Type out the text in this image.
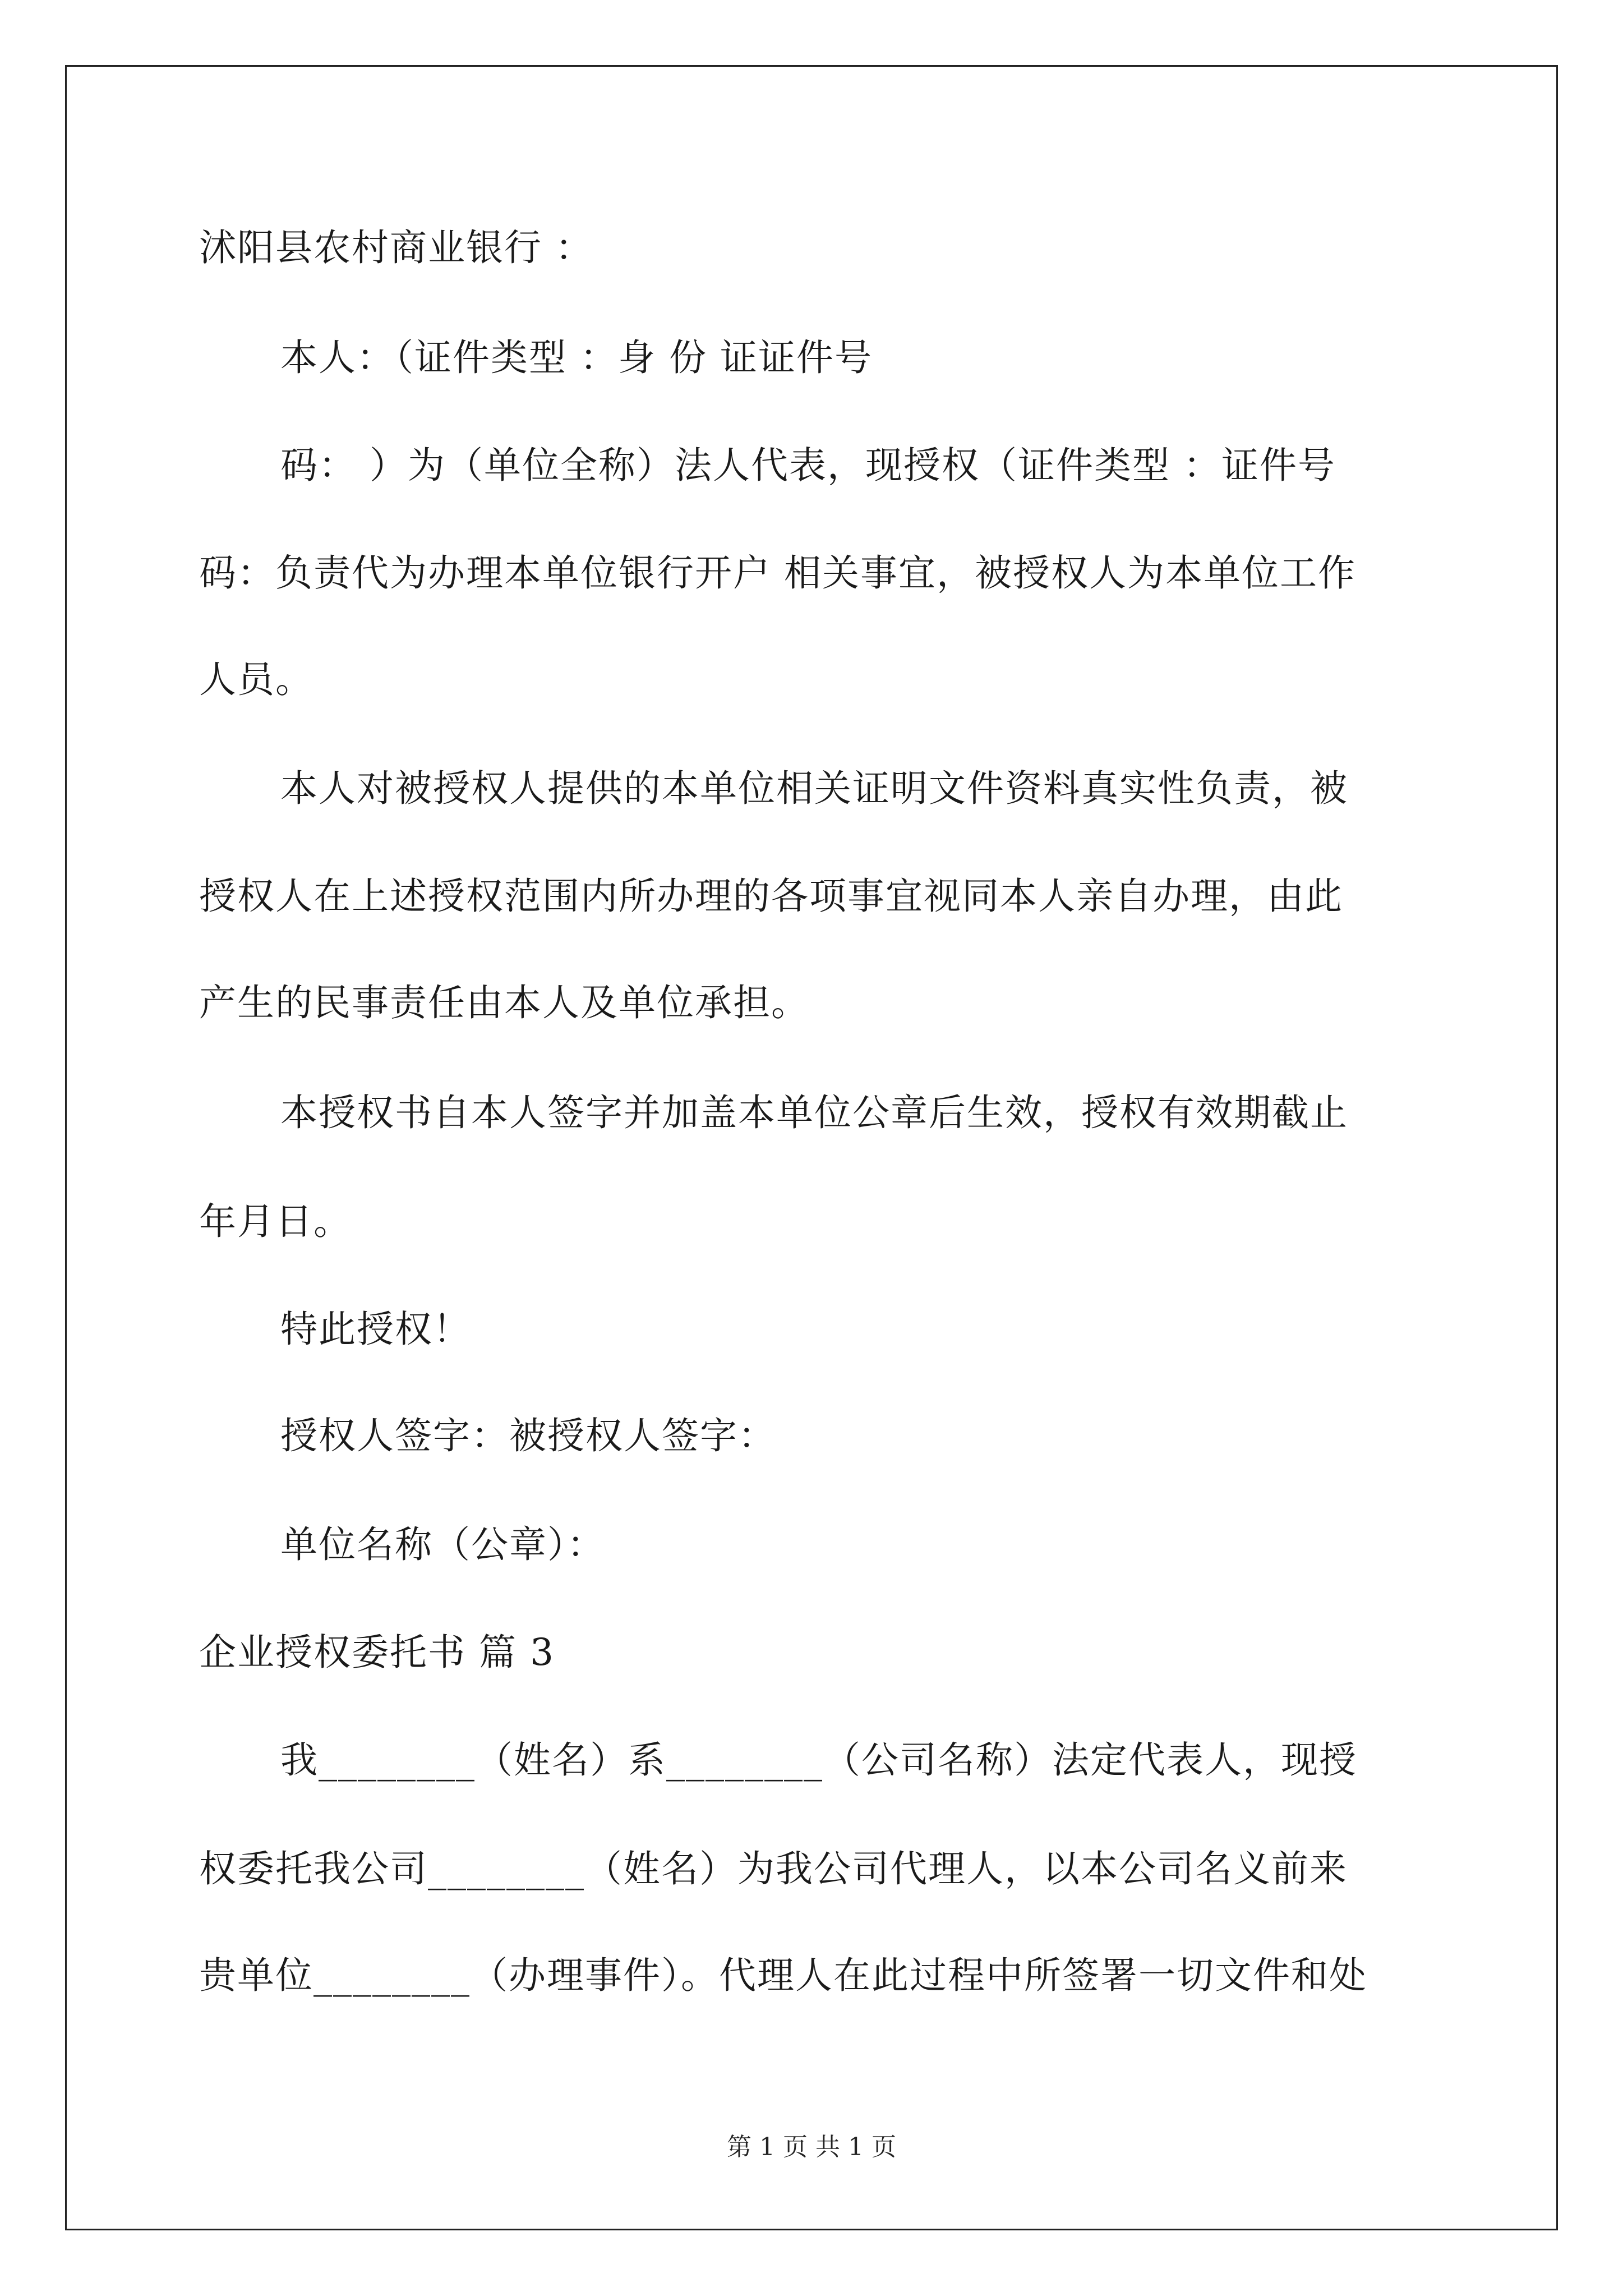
沭阳县农村商业银行 ：
本人：（证件类型 ：身 份 证证件号
码： ）为（单位全称）法人代表，现授权（证件类型 ：证件号
码：负责代为办理本单位银行开户 相关事宜，被授权人为本单位工作
人员。
本人对被授权人提供的本单位相关证明文件资料真实性负责，被
授权人在上述授权范围内所办理的各项事宜视同本人亲自办理，由此
产生的民事责任由本人及单位承担。
本授权书自本人签字并加盖本单位公章后生效，授权有效期截止
年月日。
特此授权！
授权人签字：被授权人签字：
单位名称（公章）：
企业授权委托书 篇 3
我________（姓名）系________（公司名称）法定代表人，现授
权委托我公司________（姓名）为我公司代理人，以本公司名义前来
贵单位________（办理事件）。代理人在此过程中所签署一切文件和处
第 1 页 共 1 页
